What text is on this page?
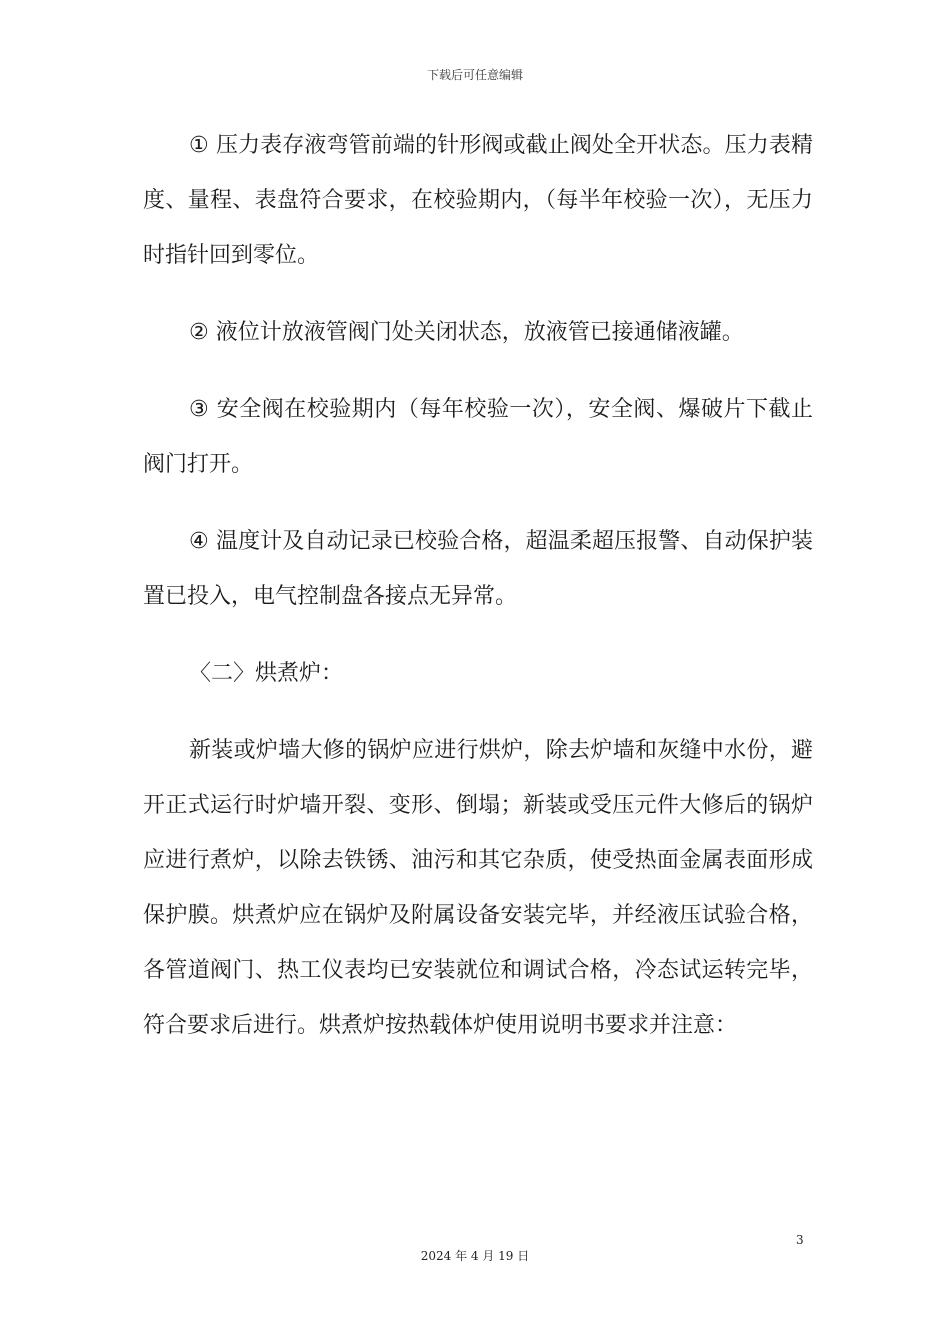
下载后可任意编辑

① 压力表存液弯管前端的针形阀或截止阀处全开状态。压力表精度、量程、表盘符合要求，在校验期内，（每半年校验一次），无压力时指针回到零位。

② 液位计放液管阀门处关闭状态，放液管已接通储液罐。

③ 安全阀在校验期内（每年校验一次），安全阀、爆破片下截止阀门打开。

④ 温度计及自动记录已校验合格，超温柔超压报警、自动保护装置已投入，电气控制盘各接点无异常。

〈二〉烘煮炉：

新装或炉墙大修的锅炉应进行烘炉，除去炉墙和灰缝中水份，避开正式运行时炉墙开裂、变形、倒塌；新装或受压元件大修后的锅炉应进行煮炉，以除去铁锈、油污和其它杂质，使受热面金属表面形成保护膜。烘煮炉应在锅炉及附属设备安装完毕，并经液压试验合格，各管道阀门、热工仪表均已安装就位和调试合格，冷态试运转完毕，符合要求后进行。烘煮炉按热载体炉使用说明书要求并注意：

3
2024 年 4 月 19 日
